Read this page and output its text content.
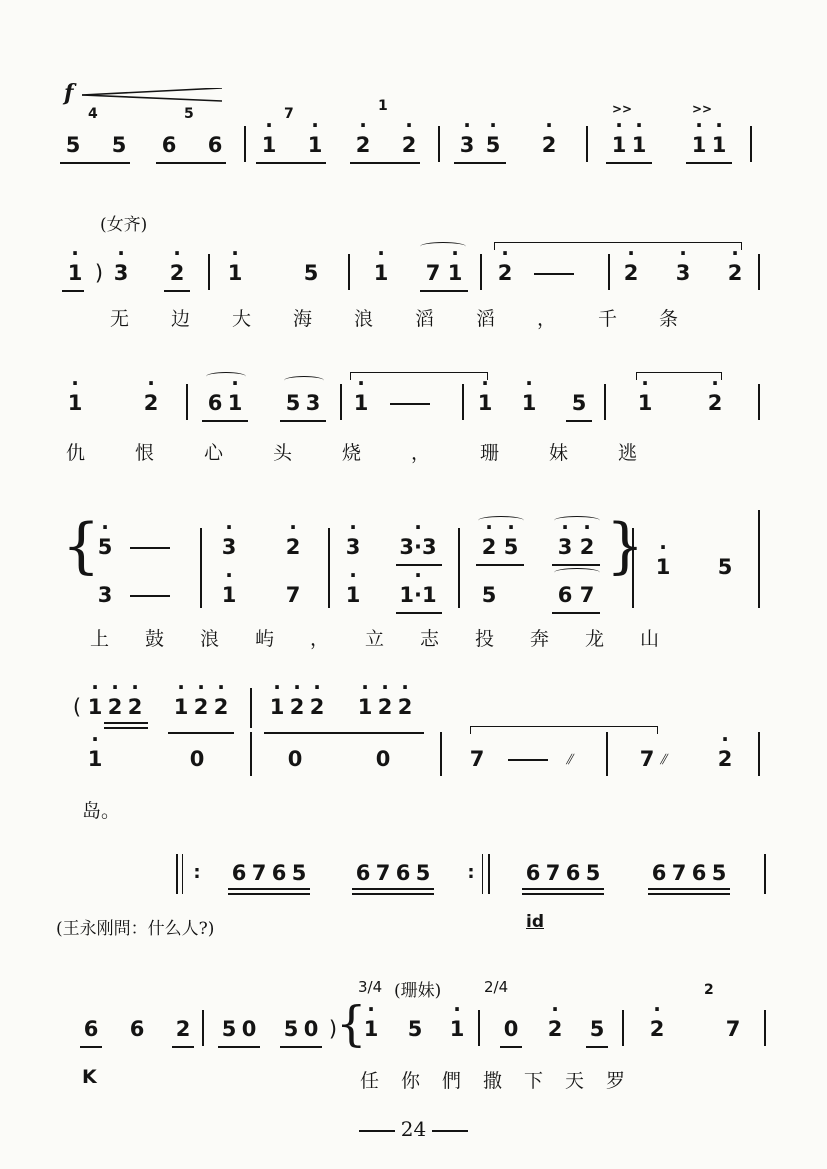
f
5
4
5 6
5
6 · 1
7
· 1 · 2
1
· 2 · 3 · 5 · 2
>>
· 1 · 1
>>
· 1 · 1
(女齐)
· 1 ) · 3 · 2 · 1	5	· 1 7 · 1 · 2	· 2 · 3 · 2
无边大海浪滔滔，千条
· 1	· 2 6 · 1 5 3 · 1	· 1 · 1 5 · 1	· 2
仇恨心头烧，珊妹逃
{
· 5	· 3 · 2 · 3 · 3·3 · 2 · 5 · 3 · 2
3	· 1 7 · 1 · 1·1 5	6 7
} · 1 5
上鼓浪屿，立志投奔龙山
( · 1 · 2 · 2 · 1 · 2 · 2 · 1 · 2 · 2 · 1 · 2 · 2
· 1	0	0	0	7	⫽	7 ⫽ · 2
岛。
:	6 7 6 5 6 7 6 5	:	6 7 6 5 6 7 6 5
(王永刚問：什么人?)	id
3/4 (珊妹)	2/4
6 6 2 5 0 5 0 )
{
· 1 5 · 1 0 · 2 5 · 2
2
7
K	任你們撒下天罗
24
